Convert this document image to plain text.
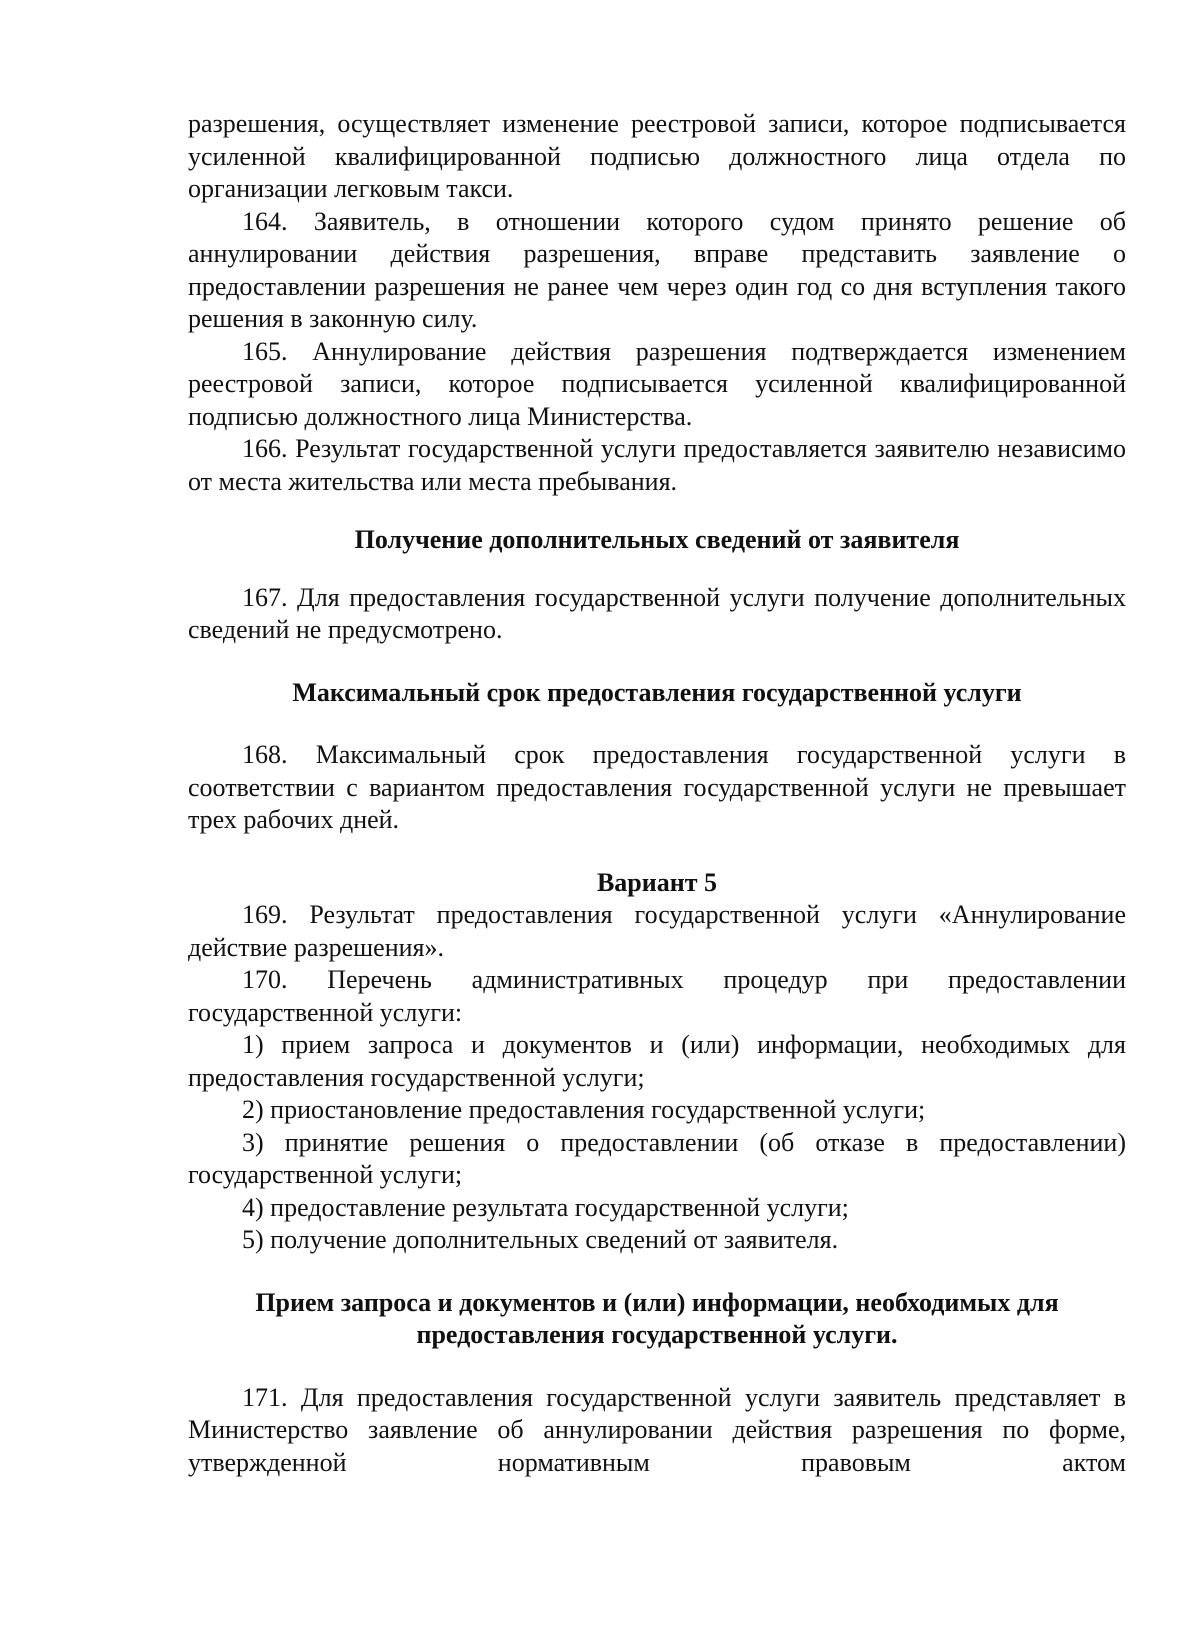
разрешения, осуществляет изменение реестровой записи, которое подписывается усиленной квалифицированной подписью должностного лица отдела по организации легковым такси.

164. Заявитель, в отношении которого судом принято решение об аннулировании действия разрешения, вправе представить заявление о предоставлении разрешения не ранее чем через один год со дня вступления такого решения в законную силу.

165. Аннулирование действия разрешения подтверждается изменением реестровой записи, которое подписывается усиленной квалифицированной подписью должностного лица Министерства.

166. Результат государственной услуги предоставляется заявителю независимо от места жительства или места пребывания.

Получение дополнительных сведений от заявителя

167. Для предоставления государственной услуги получение дополнительных сведений не предусмотрено.

Максимальный срок предоставления государственной услуги

168. Максимальный срок предоставления государственной услуги в соответствии с вариантом предоставления государственной услуги не превышает трех рабочих дней.

Вариант 5

169. Результат предоставления государственной услуги «Аннулирование действие разрешения».

170. Перечень административных процедур при предоставлении государственной услуги:

1) прием запроса и документов и (или) информации, необходимых для предоставления государственной услуги;

2) приостановление предоставления государственной услуги;

3) принятие решения о предоставлении (об отказе в предоставлении) государственной услуги;

4) предоставление результата государственной услуги;

5) получение дополнительных сведений от заявителя.

Прием запроса и документов и (или) информации, необходимых для
предоставления государственной услуги.

171. Для предоставления государственной услуги заявитель представляет в Министерство заявление об аннулировании действия разрешения по форме, утвержденной нормативным правовым актом
